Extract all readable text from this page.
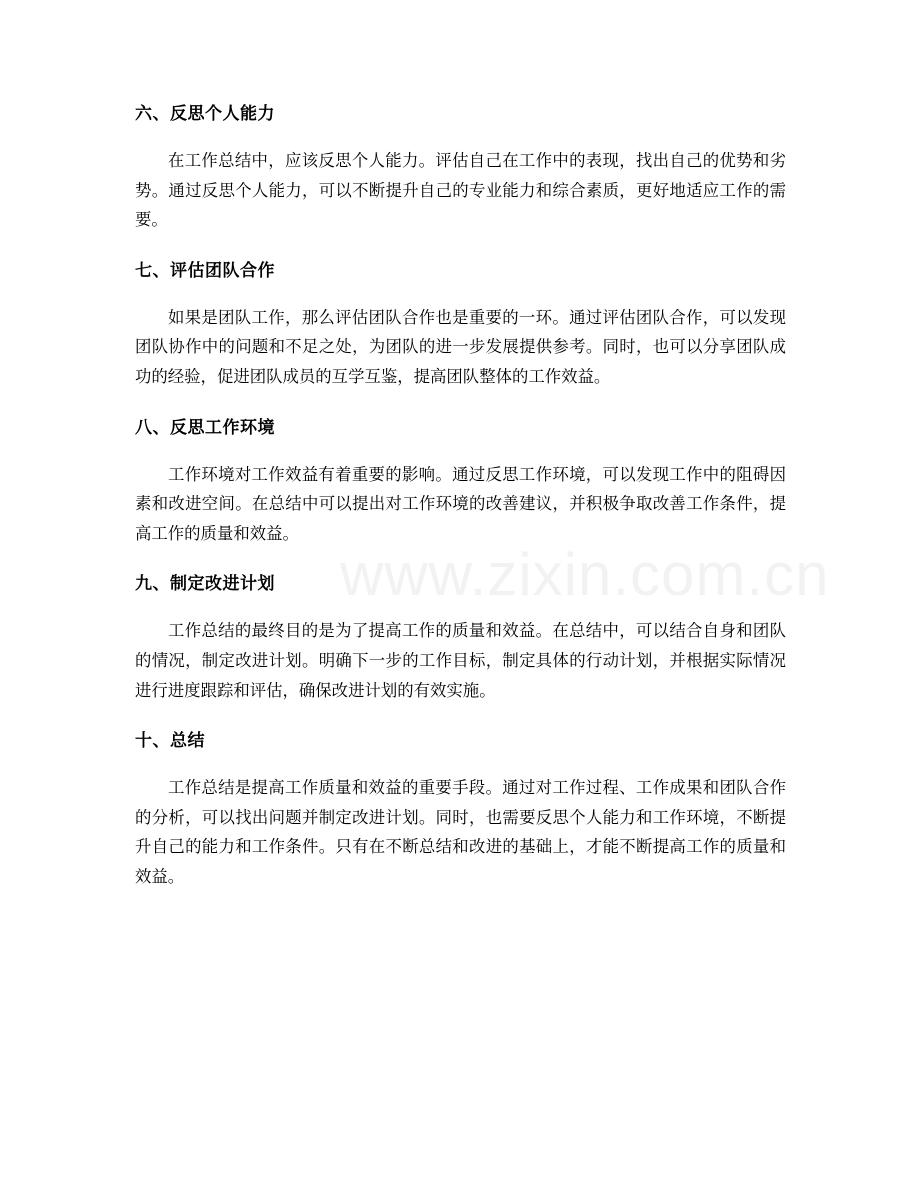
www.zixin.com.cn
六、反思个人能力

在工作总结中，应该反思个人能力。评估自己在工作中的表现，找出自己的优势和劣势。通过反思个人能力，可以不断提升自己的专业能力和综合素质，更好地适应工作的需要。

七、评估团队合作

如果是团队工作，那么评估团队合作也是重要的一环。通过评估团队合作，可以发现团队协作中的问题和不足之处，为团队的进一步发展提供参考。同时，也可以分享团队成功的经验，促进团队成员的互学互鉴，提高团队整体的工作效益。

八、反思工作环境

工作环境对工作效益有着重要的影响。通过反思工作环境，可以发现工作中的阻碍因素和改进空间。在总结中可以提出对工作环境的改善建议，并积极争取改善工作条件，提高工作的质量和效益。

九、制定改进计划

工作总结的最终目的是为了提高工作的质量和效益。在总结中，可以结合自身和团队的情况，制定改进计划。明确下一步的工作目标，制定具体的行动计划，并根据实际情况进行进度跟踪和评估，确保改进计划的有效实施。

十、总结

工作总结是提高工作质量和效益的重要手段。通过对工作过程、工作成果和团队合作的分析，可以找出问题并制定改进计划。同时，也需要反思个人能力和工作环境，不断提升自己的能力和工作条件。只有在不断总结和改进的基础上，才能不断提高工作的质量和效益。
